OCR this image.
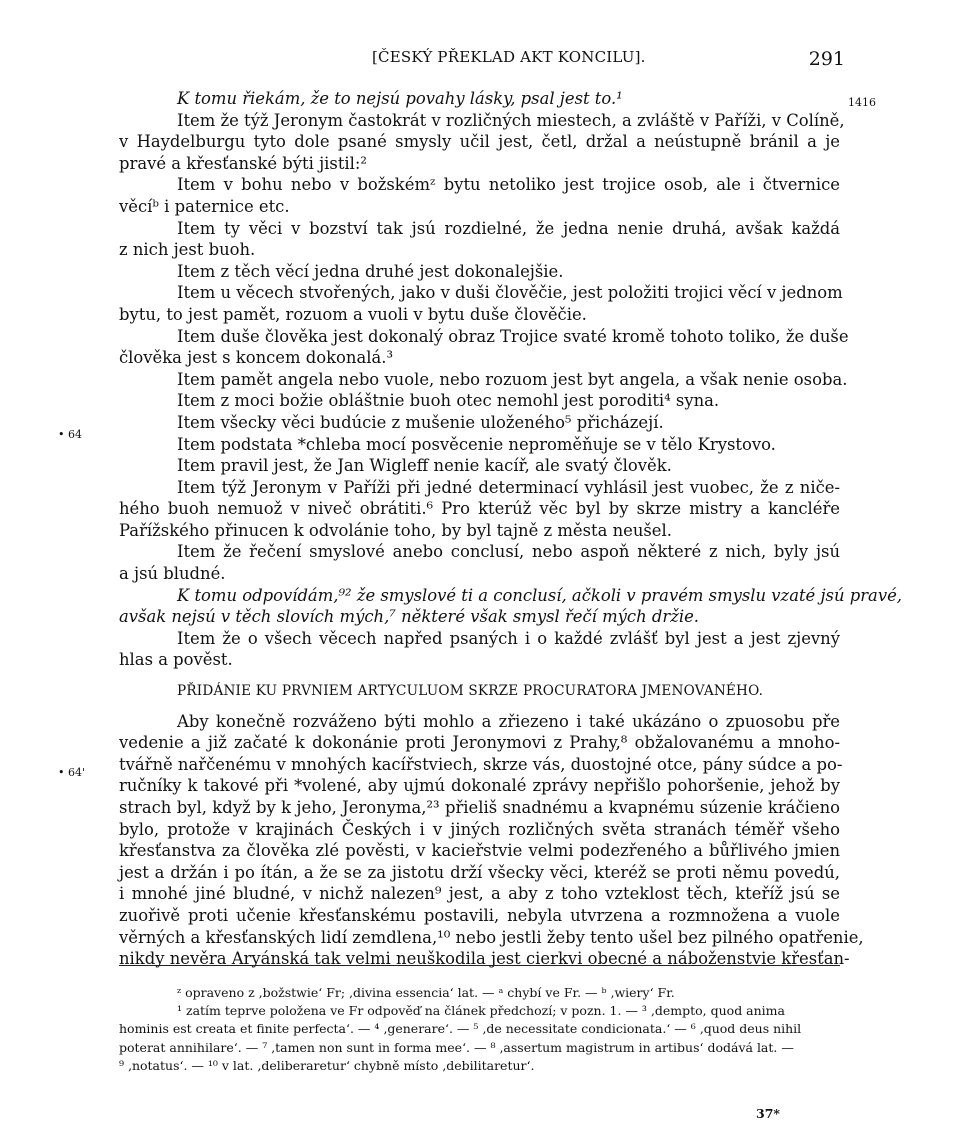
[ČESKÝ PŘEKLAD AKT KONCILU].	291
1416
• 64
• 64'
K tomu řiekám, že to nejsú povahy lásky, psal jest to.¹
Item že týž Jeronym častokrát v rozličných miestech, a zvláště v Paříži, v Colíně,
v Haydelburgu tyto dole psané smysly učil jest, četl, držal a neústupně bránil a je
pravé a křesťanské býti jistil:²
Item v bohu nebo v božskémᶻ bytu netoliko jest trojice osob, ale i čtvernice
věcíᵇ i paternice etc.
Item ty věci v bozství tak jsú rozdielné, že jedna nenie druhá, avšak každá
z nich jest buoh.
Item z těch věcí jedna druhé jest dokonalejšie.
Item u věcech stvořených, jako v duši člověčie, jest položiti trojici věcí v jednom
bytu, to jest pamět, rozuom a vuoli v bytu duše člověčie.
Item duše člověka jest dokonalý obraz Trojice svaté kromě tohoto toliko, že duše
člověka jest s koncem dokonalá.³
Item pamět angela nebo vuole, nebo rozuom jest byt angela, a však nenie osoba.
Item z moci božie obláštnie buoh otec nemohl jest poroditi⁴ syna.
Item všecky věci budúcie z mušenie uloženého⁵ přicházejí.
Item podstata *chleba mocí posvěcenie neproměňuje se v tělo Krystovo.
Item pravil jest, že Jan Wigleff nenie kacíř, ale svatý člověk.
Item týž Jeronym v Paříži při jedné determinací vyhlásil jest vuobec, že z niče-
hého buoh nemuož v niveč obrátiti.⁶ Pro kterúž věc byl by skrze mistry a kancléře
Pařížského přinucen k odvolánie toho, by byl tajně z města neušel.
Item že řečení smyslové anebo conclusí, nebo aspoň některé z nich, byly jsú
a jsú bludné.
K tomu odpovídám,⁹² že smyslové ti a conclusí, ačkoli v pravém smyslu vzaté jsú pravé,
avšak nejsú v těch slovích mých,⁷ některé však smysl řečí mých držie.
Item že o všech věcech napřed psaných i o každé zvlášť byl jest a jest zjevný
hlas a pověst.
PŘIDÁNIE KU PRVNIEM ARTYCULUOM SKRZE PROCURATORA JMENOVANÉHO.
Aby konečně rozváženo býti mohlo a zřiezeno i také ukázáno o zpuosobu pře
vedenie a již začaté k dokonánie proti Jeronymovi z Prahy,⁸ obžalovanému a mnoho-
tvářně nařčenému v mnohých kacířstviech, skrze vás, duostojné otce, pány súdce a po-
ručníky k takové při *volené, aby ujmú dokonalé zprávy nepřišlo pohoršenie, jehož by
strach byl, když by k jeho, Jeronyma,²³ přieliš snadnému a kvapnému súzenie kráčieno
bylo, protože v krajinách Českých i v jiných rozličných světa stranách téměř všeho
křesťanstva za člověka zlé pověsti, v kacieřstvie velmi podezřeného a bůřlivého jmien
jest a držán i po ítán, a že se za jistotu drží všecky věci, kteréž se proti němu povedú,
i mnohé jiné bludné, v nichž nalezen⁹ jest, a aby z toho vzteklost těch, kteříž jsú se
zuořivě proti učenie křesťanskému postavili, nebyla utvrzena a rozmnožena a vuole
věrných a křesťanských lidí zemdlena,¹⁰ nebo jestli žeby tento ušel bez pilného opatřenie,
nikdy nevěra Aryánská tak velmi neuškodila jest cierkvi obecné a náboženstvie křesťan-
ᶻ opraveno z ‚božstwie‘ Fr; ‚divina essencia‘ lat. — ᵃ chybí ve Fr. — ᵇ ‚wiery‘ Fr.
¹ zatím teprve položena ve Fr odpověď na článek předchozí; v pozn. 1. — ³ ‚dempto, quod anima
hominis est creata et finite perfecta‘. — ⁴ ‚generare‘. — ⁵ ‚de necessitate condicionata.‘ — ⁶ ‚quod deus nihil
poterat annihilare‘. — ⁷ ‚tamen non sunt in forma mee‘. — ⁸ ‚assertum magistrum in artibus‘ dodává lat. —
⁹ ‚notatus‘. — ¹⁰ v lat. ‚deliberaretur‘ chybně místo ‚debilitaretur‘.
37*
